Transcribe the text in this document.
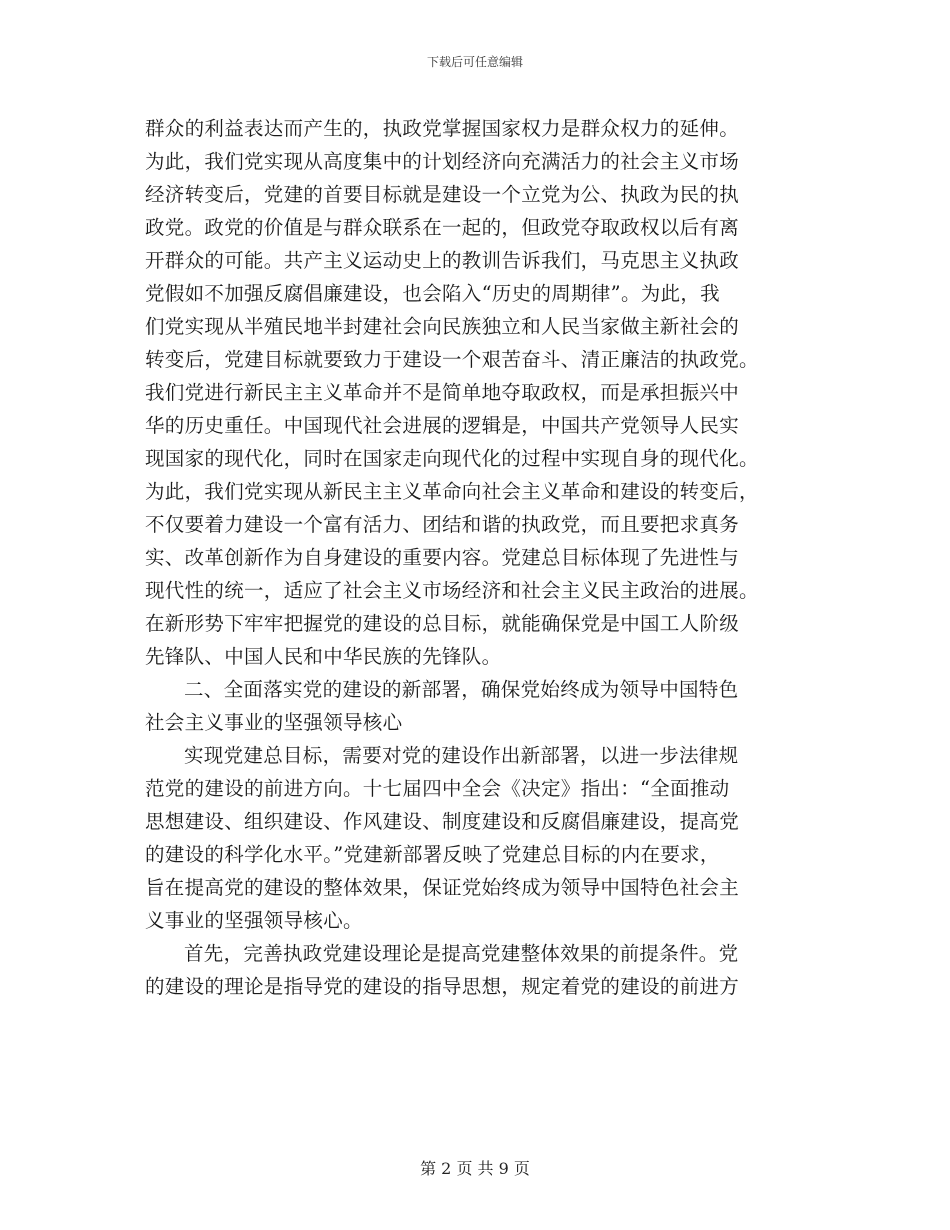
下载后可任意编辑
群众的利益表达而产生的，执政党掌握国家权力是群众权力的延伸。
为此，我们党实现从高度集中的计划经济向充满活力的社会主义市场
经济转变后，党建的首要目标就是建设一个立党为公、执政为民的执
政党。政党的价值是与群众联系在一起的，但政党夺取政权以后有离
开群众的可能。共产主义运动史上的教训告诉我们，马克思主义执政
党假如不加强反腐倡廉建设，也会陷入“历史的周期律”。为此，我
们党实现从半殖民地半封建社会向民族独立和人民当家做主新社会的
转变后，党建目标就要致力于建设一个艰苦奋斗、清正廉洁的执政党。
我们党进行新民主主义革命并不是简单地夺取政权，而是承担振兴中
华的历史重任。中国现代社会进展的逻辑是，中国共产党领导人民实
现国家的现代化，同时在国家走向现代化的过程中实现自身的现代化。
为此，我们党实现从新民主主义革命向社会主义革命和建设的转变后，
不仅要着力建设一个富有活力、团结和谐的执政党，而且要把求真务
实、改革创新作为自身建设的重要内容。党建总目标体现了先进性与
现代性的统一，适应了社会主义市场经济和社会主义民主政治的进展。
在新形势下牢牢把握党的建设的总目标，就能确保党是中国工人阶级
先锋队、中国人民和中华民族的先锋队。
二、全面落实党的建设的新部署，确保党始终成为领导中国特色
社会主义事业的坚强领导核心
实现党建总目标，需要对党的建设作出新部署，以进一步法律规
范党的建设的前进方向。十七届四中全会《决定》指出：“全面推动
思想建设、组织建设、作风建设、制度建设和反腐倡廉建设，提高党
的建设的科学化水平。”党建新部署反映了党建总目标的内在要求，
旨在提高党的建设的整体效果，保证党始终成为领导中国特色社会主
义事业的坚强领导核心。
首先，完善执政党建设理论是提高党建整体效果的前提条件。党
的建设的理论是指导党的建设的指导思想，规定着党的建设的前进方
第 2 页 共 9 页
